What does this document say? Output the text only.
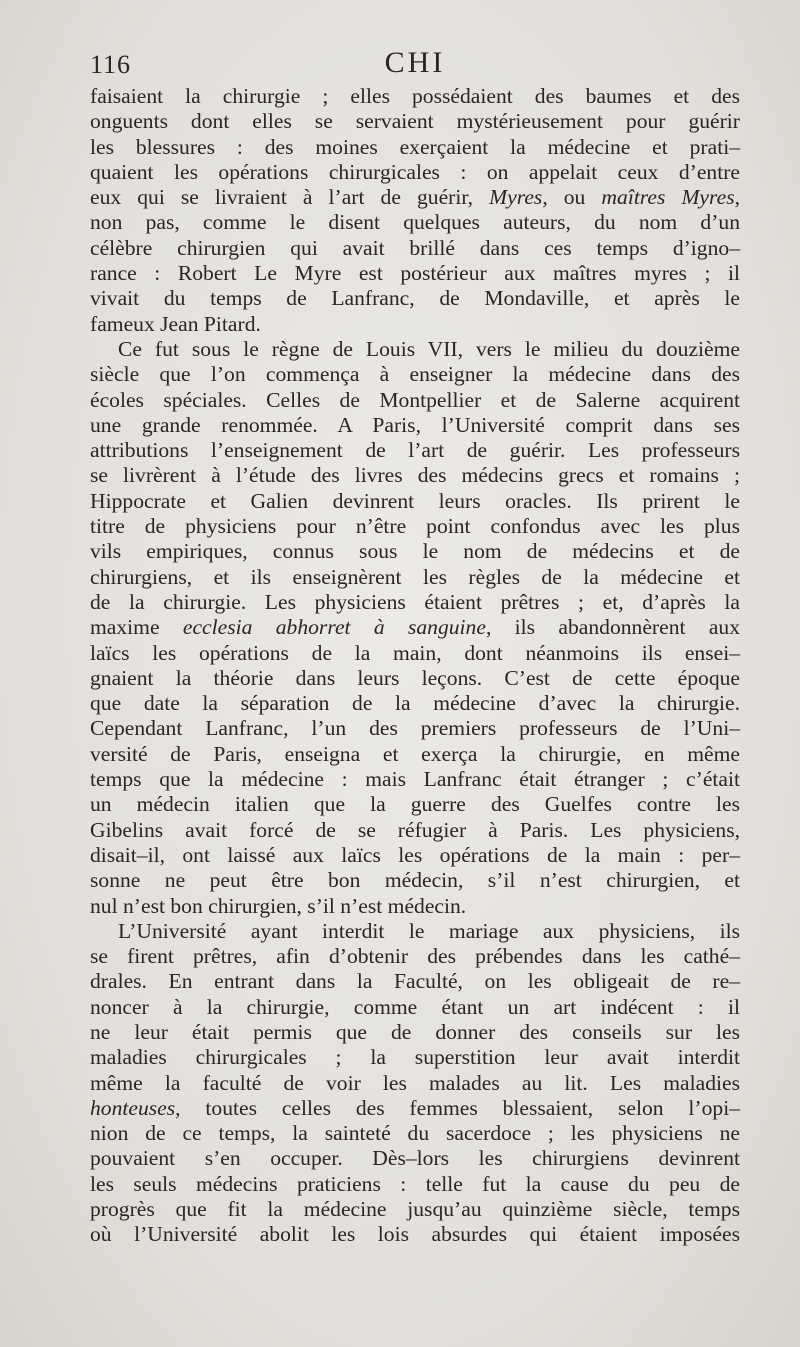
116	CHI
faisaient la chirurgie ; elles possédaient des baumes et des
onguents dont elles se servaient mystérieusement pour guérir
les blessures : des moines exerçaient la médecine et prati–
quaient les opérations chirurgicales : on appelait ceux d’entre
eux qui se livraient à l’art de guérir, Myres, ou maîtres Myres,
non pas, comme le disent quelques auteurs, du nom d’un
célèbre chirurgien qui avait brillé dans ces temps d’igno–
rance : Robert Le Myre est postérieur aux maîtres myres ; il
vivait du temps de Lanfranc, de Mondaville, et après le
fameux Jean Pitard.
Ce fut sous le règne de Louis VII, vers le milieu du douzième
siècle que l’on commença à enseigner la médecine dans des
écoles spéciales. Celles de Montpellier et de Salerne acquirent
une grande renommée. A Paris, l’Université comprit dans ses
attributions l’enseignement de l’art de guérir. Les professeurs
se livrèrent à l’étude des livres des médecins grecs et romains ;
Hippocrate et Galien devinrent leurs oracles. Ils prirent le
titre de physiciens pour n’être point confondus avec les plus
vils empiriques, connus sous le nom de médecins et de
chirurgiens, et ils enseignèrent les règles de la médecine et
de la chirurgie. Les physiciens étaient prêtres ; et, d’après la
maxime ecclesia abhorret à sanguine, ils abandonnèrent aux
laïcs les opérations de la main, dont néanmoins ils ensei–
gnaient la théorie dans leurs leçons. C’est de cette époque
que date la séparation de la médecine d’avec la chirurgie.
Cependant Lanfranc, l’un des premiers professeurs de l’Uni–
versité de Paris, enseigna et exerça la chirurgie, en même
temps que la médecine : mais Lanfranc était étranger ; c’était
un médecin italien que la guerre des Guelfes contre les
Gibelins avait forcé de se réfugier à Paris. Les physiciens,
disait–il, ont laissé aux laïcs les opérations de la main : per–
sonne ne peut être bon médecin, s’il n’est chirurgien, et
nul n’est bon chirurgien, s’il n’est médecin.
L’Université ayant interdit le mariage aux physiciens, ils
se firent prêtres, afin d’obtenir des prébendes dans les cathé–
drales. En entrant dans la Faculté, on les obligeait de re–
noncer à la chirurgie, comme étant un art indécent : il
ne leur était permis que de donner des conseils sur les
maladies chirurgicales ; la superstition leur avait interdit
même la faculté de voir les malades au lit. Les maladies
honteuses, toutes celles des femmes blessaient, selon l’opi–
nion de ce temps, la sainteté du sacerdoce ; les physiciens ne
pouvaient s’en occuper. Dès–lors les chirurgiens devinrent
les seuls médecins praticiens : telle fut la cause du peu de
progrès que fit la médecine jusqu’au quinzième siècle, temps
où l’Université abolit les lois absurdes qui étaient imposées
